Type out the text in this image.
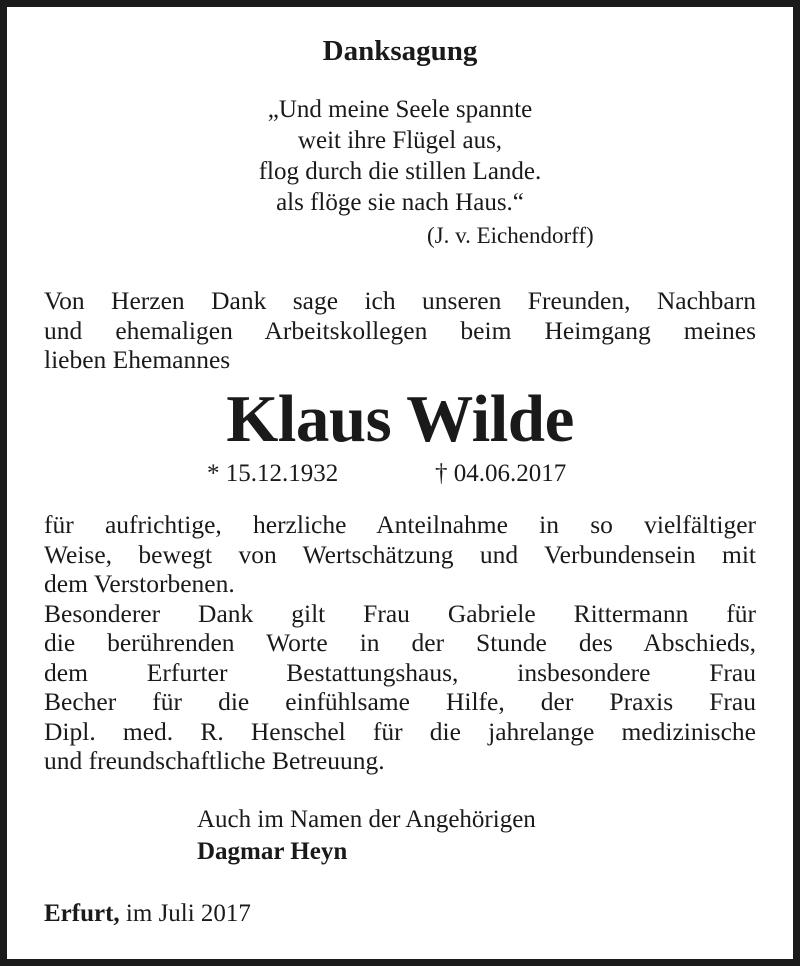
Danksagung
„Und meine Seele spannte
weit ihre Flügel aus,
flog durch die stillen Lande.
als flöge sie nach Haus.“
(J. v. Eichendorff)
Von Herzen Dank sage ich unseren Freunden, Nachbarn
und ehemaligen Arbeitskollegen beim Heimgang meines
lieben Ehemannes
Klaus Wilde
* 15.12.1932	† 04.06.2017
für aufrichtige, herzliche Anteilnahme in so vielfältiger
Weise, bewegt von Wertschätzung und Verbundensein mit
dem Verstorbenen.
Besonderer Dank gilt Frau Gabriele Rittermann für
die berührenden Worte in der Stunde des Abschieds,
dem Erfurter Bestattungshaus, insbesondere Frau
Becher für die einfühlsame Hilfe, der Praxis Frau
Dipl. med. R. Henschel für die jahrelange medizinische
und freundschaftliche Betreuung.
Auch im Namen der Angehörigen
Dagmar Heyn
Erfurt, im Juli 2017
